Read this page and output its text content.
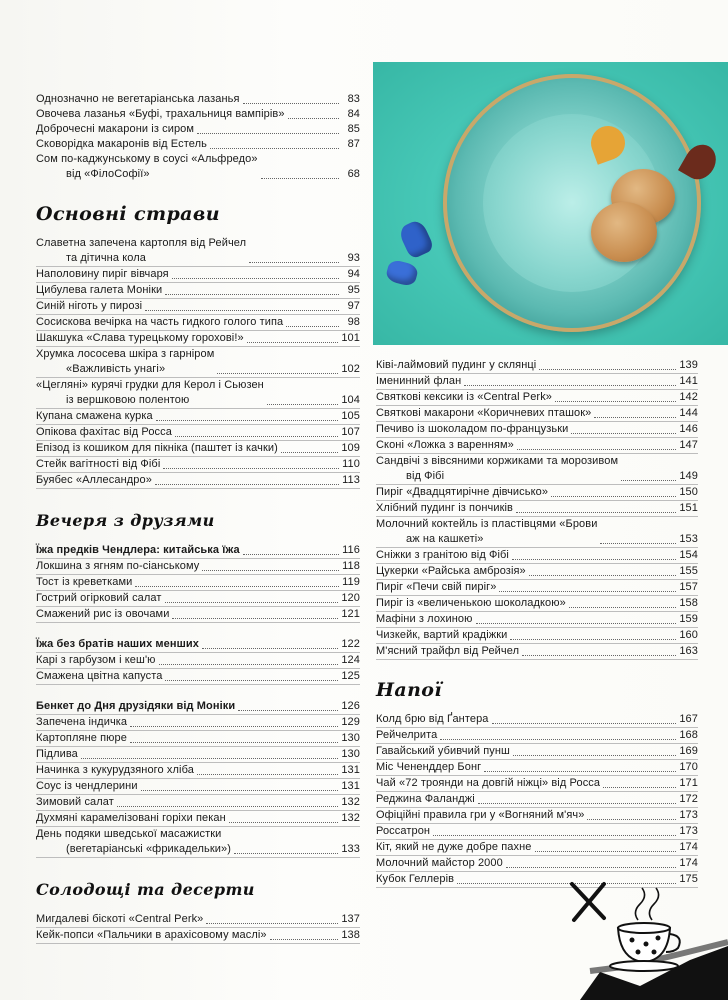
Однозначно не вегетаріанська лазанья	83
Овочева лазанья «Буфі, трахальниця вампірів»	84
Доброчесні макарони із сиром	85
Сковорідка макаронів від Естель	87
Сом по-каджунському в соусі «Альфредо»
від «ФілоСофії»	68
Основні страви
Славетна запечена картопля від Рейчел
та дітична кола	93
Наполовину пиріг вівчаря	94
Цибулева галета Моніки	95
Синій ніготь у пирозі	97
Сосискова вечірка на часть гидкого голого типа	98
Шакшука «Слава турецькому горохові!»	101
Хрумка лососева шкіра з гарніром
«Важливість унагі»	102
«Цегляні» курячі грудки для Керол і Сьюзен
із вершковою полентою	104
Купана смажена курка	105
Опікова фахітас від Росса	107
Епізод із кошиком для пікніка (паштет із качки)	109
Стейк вагітності від Фібі	110
Буябес «Аллесандро»	113
Вечеря з друзями
Їжа предків Чендлера: китайська їжа	116
Локшина з ягням по-сіанському	118
Тост із креветками	119
Гострий огірковий салат	120
Смажений рис із овочами	121
Їжа без братів наших менших	122
Карі з гарбузом і кеш'ю	124
Смажена цвітна капуста	125
Бенкет до Дня друзідяки від Моніки	126
Запечена індичка	129
Картопляне пюре	130
Підлива	130
Начинка з кукурудзяного хліба	131
Соус із чендлерини	131
Зимовий салат	132
Духмяні карамелізовані горіхи пекан	132
День подяки шведської масажистки
(вегетаріанські «фрикадельки»)	133
Солодощі та десерти
Мигдалеві біскоті «Central Perk»	137
Кейк-попси «Пальчики в арахісовому маслі»	138
Ківі-лаймовий пудинг у склянці	139
Іменинний флан	141
Святкові кексики із «Central Perk»	142
Святкові макарони «Коричневих пташок»	144
Печиво із шоколадом по-французьки	146
Сконі «Ложка з варенням»	147
Сандвічі з вівсяними коржиками та морозивом
від Фібі	149
Пиріг «Двадцятирічне дівчисько»	150
Хлібний пудинг із пончиків	151
Молочний коктейль із пластівцями «Брови
аж на кашкеті»	153
Сніжки з гранітою від Фібі	154
Цукерки «Райська амброзія»	155
Пиріг «Печи свій пиріг»	157
Пиріг із «величенькою шоколадкою»	158
Мафіни з лохиною	159
Чизкейк, вартий крадіжки	160
М'ясний трайфл від Рейчел	163
Напої
Колд брю від Ґантера	167
Рейчелрита	168
Гавайський убивчий пунш	169
Міс Чененддер Бонг	170
Чай «72 троянди на довгій ніжці» від Росса	171
Реджина Фаланджі	172
Офіційні правила гри у «Вогняний м'яч»	173
Россатрон	173
Кіт, який не дуже добре пахне	174
Молочний майстор 2000	174
Кубок Геллерів	175
